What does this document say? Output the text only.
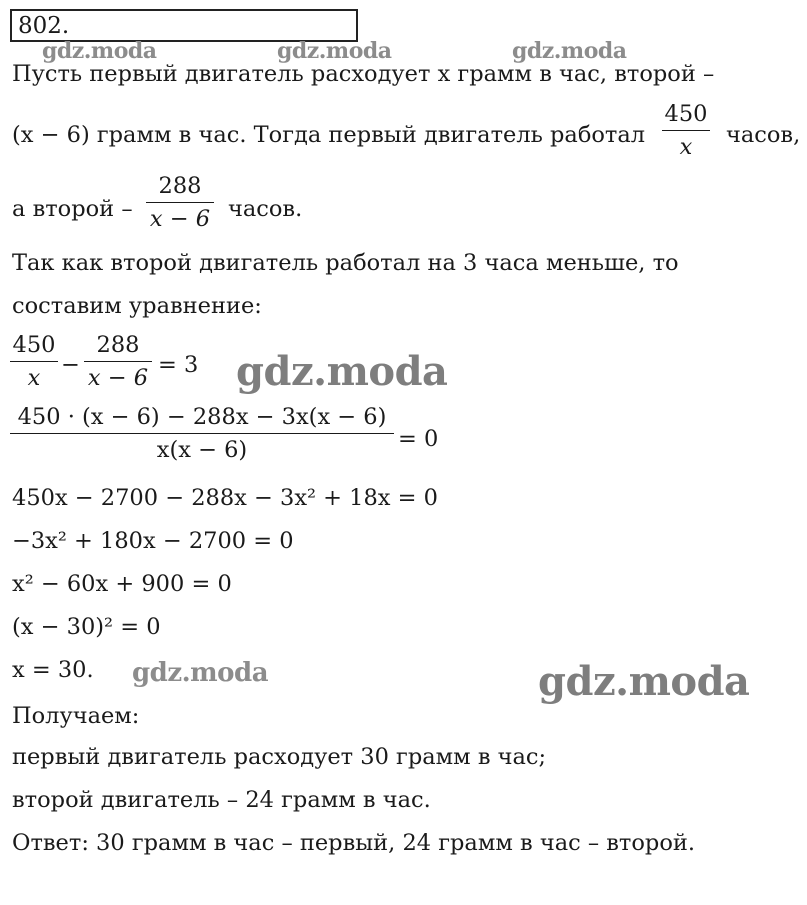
802.
gdz.moda	gdz.moda	gdz.moda
Пусть первый двигатель расходует x грамм в час, второй –
(x − 6) грамм в час. Тогда первый двигатель работал
450
x	часов,
а второй –
288
x − 6 часов.
Так как второй двигатель работал на 3 часа меньше, то
составим уравнение:
450
x −
288
x − 6 = 3 gdz.moda
450 · (x − 6) − 288x − 3x(x − 6)
x(x − 6)	= 0
450x − 2700 − 288x − 3x² + 18x = 0
−3x² + 180x − 2700 = 0
x² − 60x + 900 = 0
(x − 30)² = 0
x = 30. gdz.moda	gdz.moda
Получаем:
первый двигатель расходует 30 грамм в час;
второй двигатель – 24 грамм в час.
Ответ: 30 грамм в час – первый, 24 грамм в час – второй.
